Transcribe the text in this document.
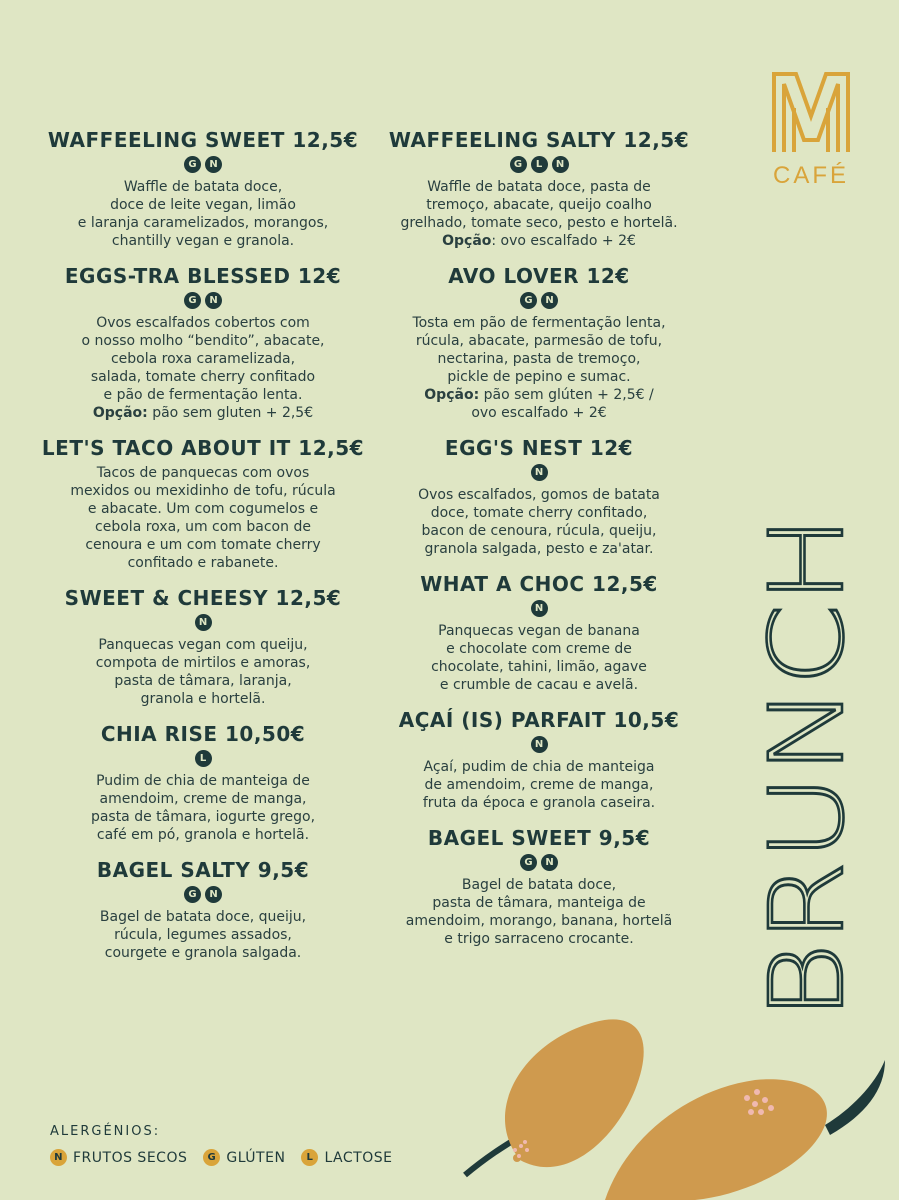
CAFÉ
WAFFEELING SWEET 12,5€
G	N
Waffle de batata doce,
doce de leite vegan, limão
e laranja caramelizados, morangos,
chantilly vegan e granola.
EGGS-TRA BLESSED 12€
G	N
Ovos escalfados cobertos com
o nosso molho “bendito”, abacate,
cebola roxa caramelizada,
salada, tomate cherry confitado
e pão de fermentação lenta.
Opção: pão sem gluten + 2,5€
LET'S TACO ABOUT IT 12,5€
Tacos de panquecas com ovos
mexidos ou mexidinho de tofu, rúcula
e abacate. Um com cogumelos e
cebola roxa, um com bacon de
cenoura e um com tomate cherry
confitado e rabanete.
SWEET & CHEESY 12,5€
N
Panquecas vegan com queiju,
compota de mirtilos e amoras,
pasta de tâmara, laranja,
granola e hortelã.
CHIA RISE 10,50€
L
Pudim de chia de manteiga de
amendoim, creme de manga,
pasta de tâmara, iogurte grego,
café em pó, granola e hortelã.
BAGEL SALTY 9,5€
G	N
Bagel de batata doce, queiju,
rúcula, legumes assados,
courgete e granola salgada.
WAFFEELING SALTY 12,5€
G	L	N
Waffle de batata doce, pasta de
tremoço, abacate, queijo coalho
grelhado, tomate seco, pesto e hortelã.
Opção: ovo escalfado + 2€
AVO LOVER 12€
G	N
Tosta em pão de fermentação lenta,
rúcula, abacate, parmesão de tofu,
nectarina, pasta de tremoço,
pickle de pepino e sumac.
Opção: pão sem glúten + 2,5€ /
ovo escalfado + 2€
EGG'S NEST 12€
N
Ovos escalfados, gomos de batata
doce, tomate cherry confitado,
bacon de cenoura, rúcula, queiju,
granola salgada, pesto e za'atar.
WHAT A CHOC 12,5€
N
Panquecas vegan de banana
e chocolate com creme de
chocolate, tahini, limão, agave
e crumble de cacau e avelã.
AÇAÍ (IS) PARFAIT 10,5€
N
Açaí, pudim de chia de manteiga
de amendoim, creme de manga,
fruta da época e granola caseira.
BAGEL SWEET 9,5€
G	N
Bagel de batata doce,
pasta de tâmara, manteiga de
amendoim, morango, banana, hortelã
e trigo sarraceno crocante.	BRUNCH
ALERGÉNIOS:
N FRUTOS SECOS	G GLÚTEN	L LACTOSE
